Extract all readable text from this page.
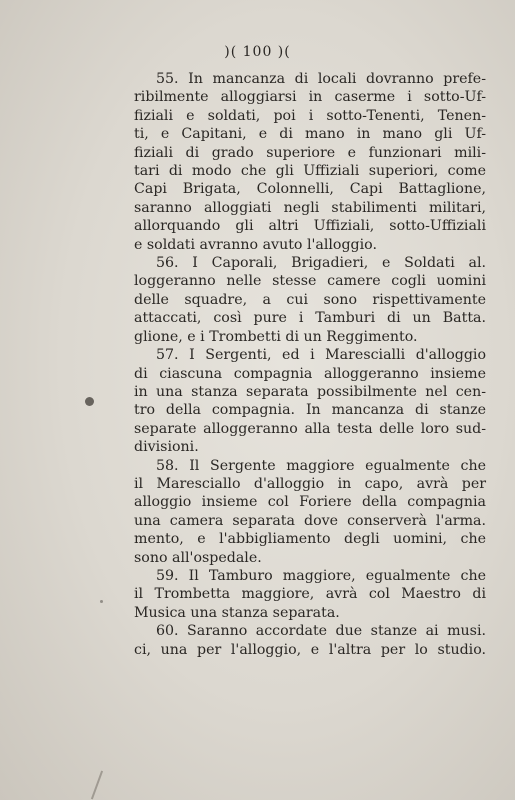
)( 100 )(

55. In mancanza di locali dovranno prefe-
ribilmente alloggiarsi in caserme i sotto-Uf-
fiziali e soldati, poi i sotto-Tenenti, Tenen-
ti, e Capitani, e di mano in mano gli Uf-
fiziali di grado superiore e funzionari mili-
tari di modo che gli Uffiziali superiori, come
Capi Brigata, Colonnelli, Capi Battaglione,
saranno alloggiati negli stabilimenti militari,
allorquando gli altri Uffiziali, sotto-Uffiziali
e soldati avranno avuto l'alloggio.

56. I Caporali, Brigadieri, e Soldati al.
loggeranno nelle stesse camere cogli uomini
delle squadre, a cui sono rispettivamente
attaccati, così pure i Tamburi di un Batta.
glione, e i Trombetti di un Reggimento.

57. I Sergenti, ed i Marescialli d'alloggio
di ciascuna compagnia alloggeranno insieme
in una stanza separata possibilmente nel cen-
tro della compagnia. In mancanza di stanze
separate alloggeranno alla testa delle loro sud-
divisioni.

58. Il Sergente maggiore egualmente che
il Maresciallo d'alloggio in capo, avrà per
alloggio insieme col Foriere della compagnia
una camera separata dove conserverà l'arma.
mento, e l'abbigliamento degli uomini, che
sono all'ospedale.

59. Il Tamburo maggiore, egualmente che
il Trombetta maggiore, avrà col Maestro di
Musica una stanza separata.

60. Saranno accordate due stanze ai musi.
ci, una per l'alloggio, e l'altra per lo studio.
